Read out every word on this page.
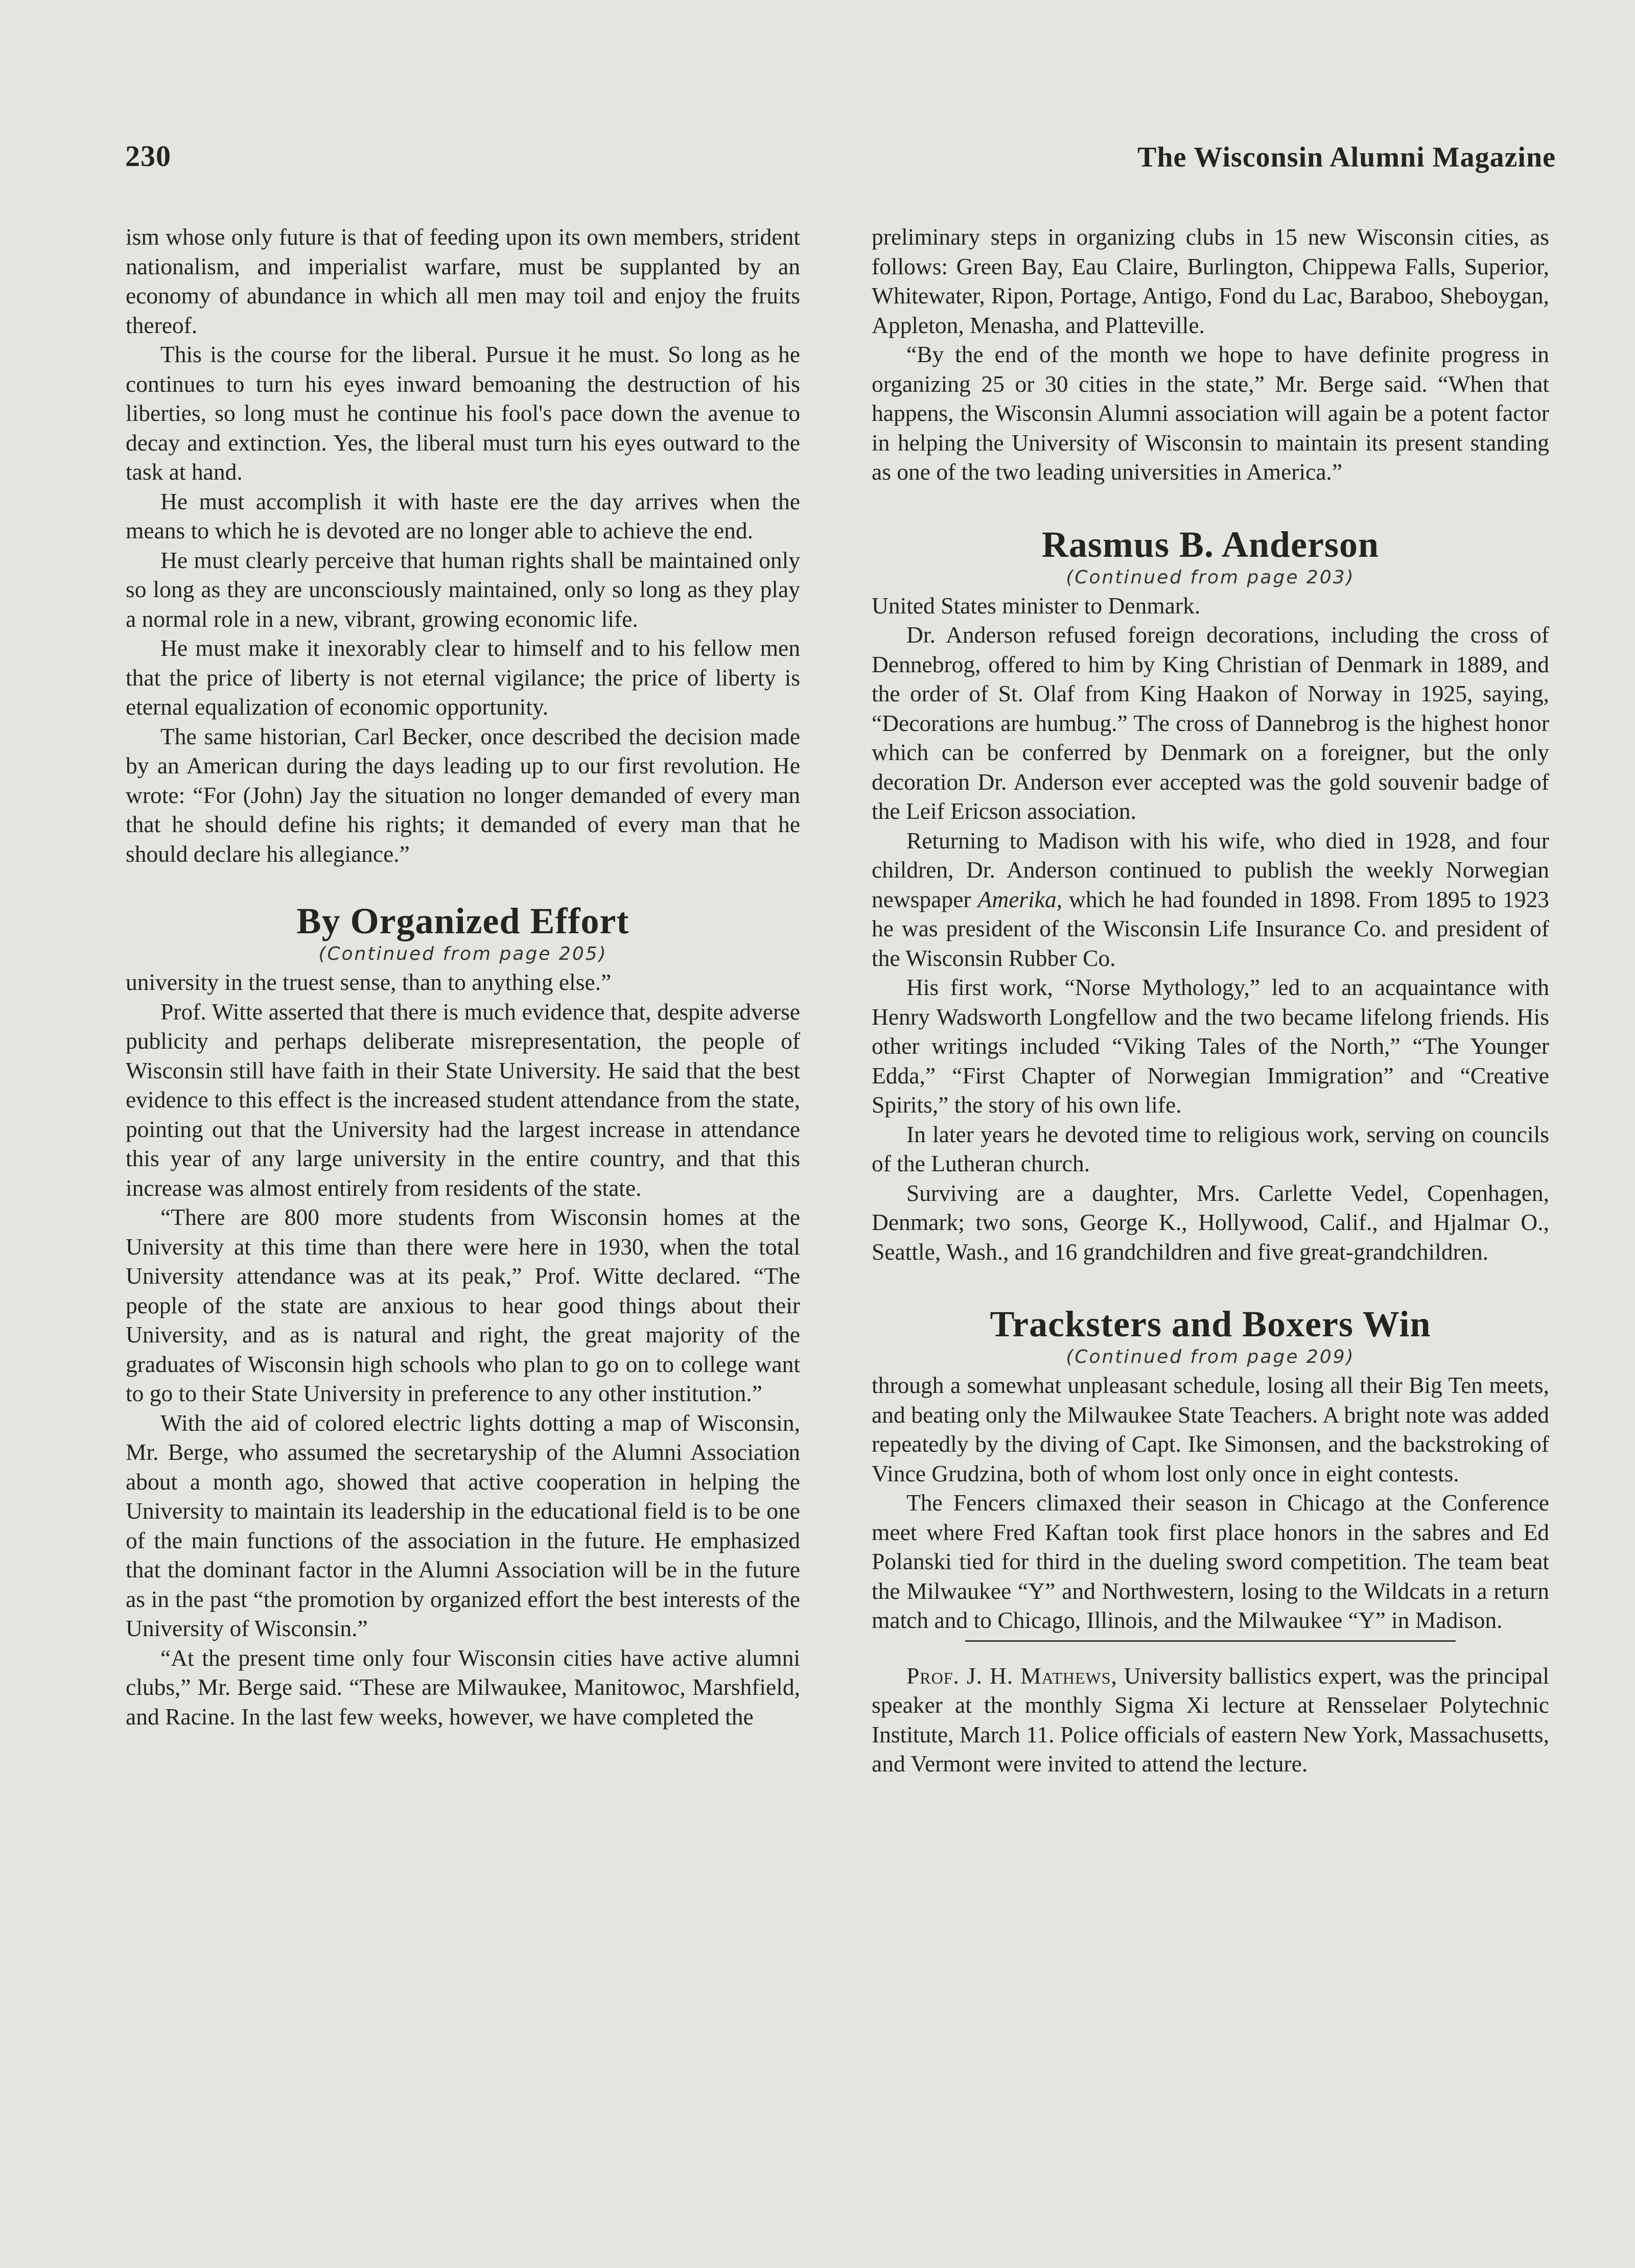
230	The Wisconsin Alumni Magazine

ism whose only future is that of feeding upon its own members, strident nationalism, and imperialist warfare, must be supplanted by an economy of abundance in which all men may toil and enjoy the fruits thereof.

This is the course for the liberal. Pursue it he must. So long as he continues to turn his eyes inward bemoaning the destruction of his liberties, so long must he continue his fool's pace down the avenue to decay and extinction. Yes, the liberal must turn his eyes outward to the task at hand.

He must accomplish it with haste ere the day arrives when the means to which he is devoted are no longer able to achieve the end.

He must clearly perceive that human rights shall be maintained only so long as they are unconsciously maintained, only so long as they play a normal role in a new, vibrant, growing economic life.

He must make it inexorably clear to himself and to his fellow men that the price of liberty is not eternal vigilance; the price of liberty is eternal equalization of economic opportunity.

The same historian, Carl Becker, once described the decision made by an American during the days leading up to our first revolution. He wrote: “For (John) Jay the situation no longer demanded of every man that he should define his rights; it demanded of every man that he should declare his allegiance.”

By Organized Effort
(Continued from page 205)

university in the truest sense, than to anything else.”

Prof. Witte asserted that there is much evidence that, despite adverse publicity and perhaps deliberate misrepresentation, the people of Wisconsin still have faith in their State University. He said that the best evidence to this effect is the increased student attendance from the state, pointing out that the University had the largest increase in attendance this year of any large university in the entire country, and that this increase was almost entirely from residents of the state.

“There are 800 more students from Wisconsin homes at the University at this time than there were here in 1930, when the total University attendance was at its peak,” Prof. Witte declared. “The people of the state are anxious to hear good things about their University, and as is natural and right, the great majority of the graduates of Wisconsin high schools who plan to go on to college want to go to their State University in preference to any other institution.”

With the aid of colored electric lights dotting a map of Wisconsin, Mr. Berge, who assumed the secretaryship of the Alumni Association about a month ago, showed that active cooperation in helping the University to maintain its leadership in the educational field is to be one of the main functions of the association in the future. He emphasized that the dominant factor in the Alumni Association will be in the future as in the past “the promotion by organized effort the best interests of the University of Wisconsin.”

“At the present time only four Wisconsin cities have active alumni clubs,” Mr. Berge said. “These are Milwaukee, Manitowoc, Marshfield, and Racine. In the last few weeks, however, we have completed the

preliminary steps in organizing clubs in 15 new Wisconsin cities, as follows: Green Bay, Eau Claire, Burlington, Chippewa Falls, Superior, Whitewater, Ripon, Portage, Antigo, Fond du Lac, Baraboo, Sheboygan, Appleton, Menasha, and Platteville.

“By the end of the month we hope to have definite progress in organizing 25 or 30 cities in the state,” Mr. Berge said. “When that happens, the Wisconsin Alumni association will again be a potent factor in helping the University of Wisconsin to maintain its present standing as one of the two leading universities in America.”

Rasmus B. Anderson
(Continued from page 203)

United States minister to Denmark.

Dr. Anderson refused foreign decorations, including the cross of Dennebrog, offered to him by King Christian of Denmark in 1889, and the order of St. Olaf from King Haakon of Norway in 1925, saying, “Decorations are humbug.” The cross of Dannebrog is the highest honor which can be conferred by Denmark on a foreigner, but the only decoration Dr. Anderson ever accepted was the gold souvenir badge of the Leif Ericson association.

Returning to Madison with his wife, who died in 1928, and four children, Dr. Anderson continued to publish the weekly Norwegian newspaper Amerika, which he had founded in 1898. From 1895 to 1923 he was president of the Wisconsin Life Insurance Co. and president of the Wisconsin Rubber Co.

His first work, “Norse Mythology,” led to an acquaintance with Henry Wadsworth Longfellow and the two became lifelong friends. His other writings included “Viking Tales of the North,” “The Younger Edda,” “First Chapter of Norwegian Immigration” and “Creative Spirits,” the story of his own life.

In later years he devoted time to religious work, serving on councils of the Lutheran church.

Surviving are a daughter, Mrs. Carlette Vedel, Copenhagen, Denmark; two sons, George K., Hollywood, Calif., and Hjalmar O., Seattle, Wash., and 16 grandchildren and five great-grandchildren.

Tracksters and Boxers Win
(Continued from page 209)

through a somewhat unpleasant schedule, losing all their Big Ten meets, and beating only the Milwaukee State Teachers. A bright note was added repeatedly by the diving of Capt. Ike Simonsen, and the backstroking of Vince Grudzina, both of whom lost only once in eight contests.

The Fencers climaxed their season in Chicago at the Conference meet where Fred Kaftan took first place honors in the sabres and Ed Polanski tied for third in the dueling sword competition. The team beat the Milwaukee “Y” and Northwestern, losing to the Wildcats in a return match and to Chicago, Illinois, and the Milwaukee “Y” in Madison.

Prof. J. H. Mathews, University ballistics expert, was the principal speaker at the monthly Sigma Xi lecture at Rensselaer Polytechnic Institute, March 11. Police officials of eastern New York, Massachusetts, and Vermont were invited to attend the lecture.
